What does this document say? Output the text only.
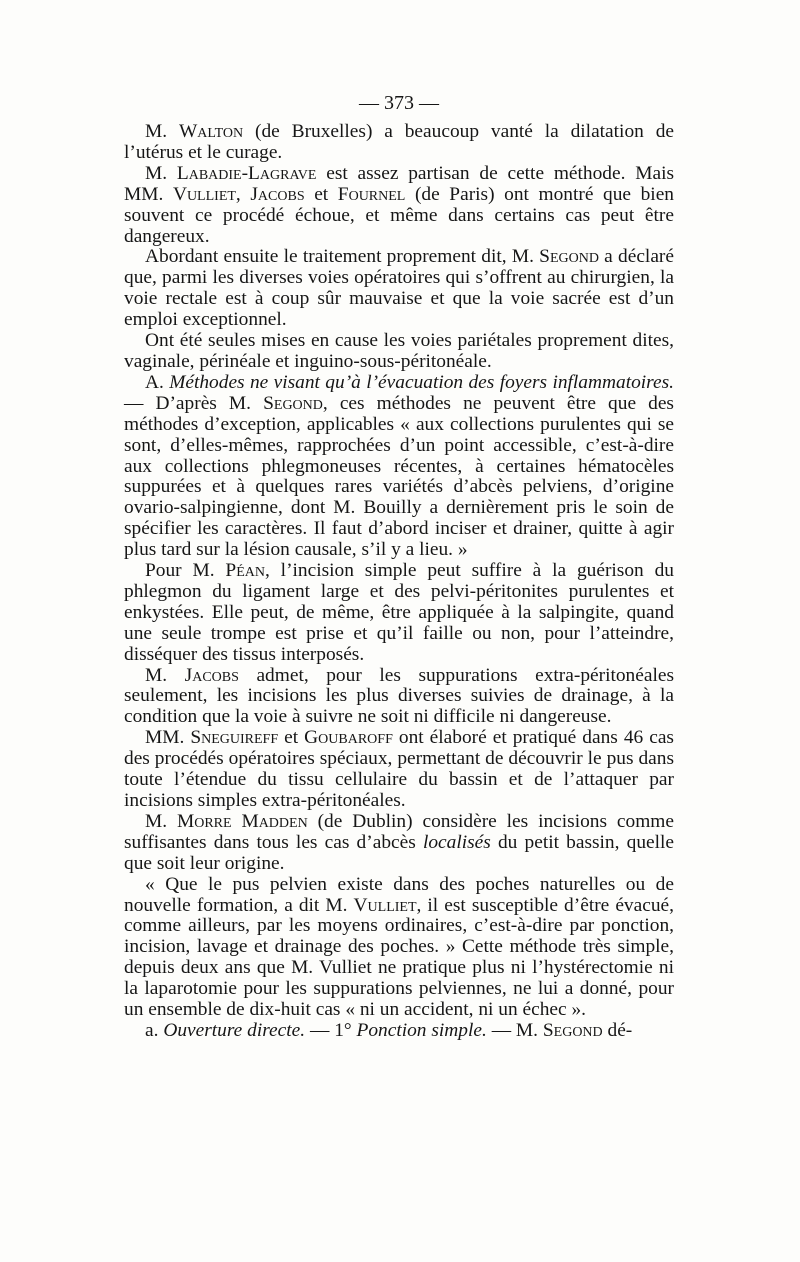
— 373 —

M. Walton (de Bruxelles) a beaucoup vanté la dilatation de l’utérus et le curage.

M. Labadie-Lagrave est assez partisan de cette méthode. Mais MM. Vulliet, Jacobs et Fournel (de Paris) ont montré que bien souvent ce procédé échoue, et même dans certains cas peut être dangereux.

Abordant ensuite le traitement proprement dit, M. Segond a déclaré que, parmi les diverses voies opératoires qui s’offrent au chirurgien, la voie rectale est à coup sûr mauvaise et que la voie sacrée est d’un emploi exceptionnel.

Ont été seules mises en cause les voies pariétales proprement dites, vaginale, périnéale et inguino-sous-péritonéale.

A. Méthodes ne visant qu’à l’évacuation des foyers inflammatoires. — D’après M. Segond, ces méthodes ne peuvent être que des méthodes d’exception, applicables « aux collections purulentes qui se sont, d’elles-mêmes, rapprochées d’un point accessible, c’est-à-dire aux collections phlegmoneuses récentes, à certaines hématocèles suppurées et à quelques rares variétés d’abcès pelviens, d’origine ovario-salpingienne, dont M. Bouilly a dernièrement pris le soin de spécifier les caractères. Il faut d’abord inciser et drainer, quitte à agir plus tard sur la lésion causale, s’il y a lieu. »

Pour M. Péan, l’incision simple peut suffire à la guérison du phlegmon du ligament large et des pelvi-péritonites purulentes et enkystées. Elle peut, de même, être appliquée à la salpingite, quand une seule trompe est prise et qu’il faille ou non, pour l’atteindre, disséquer des tissus interposés.

M. Jacobs admet, pour les suppurations extra-péritonéales seulement, les incisions les plus diverses suivies de drainage, à la condition que la voie à suivre ne soit ni difficile ni dangereuse.

MM. Sneguireff et Goubaroff ont élaboré et pratiqué dans 46 cas des procédés opératoires spéciaux, permettant de découvrir le pus dans toute l’étendue du tissu cellulaire du bassin et de l’attaquer par incisions simples extra-péritonéales.

M. Morre Madden (de Dublin) considère les incisions comme suffisantes dans tous les cas d’abcès localisés du petit bassin, quelle que soit leur origine.

« Que le pus pelvien existe dans des poches naturelles ou de nouvelle formation, a dit M. Vulliet, il est susceptible d’être évacué, comme ailleurs, par les moyens ordinaires, c’est-à-dire par ponction, incision, lavage et drainage des poches. » Cette méthode très simple, depuis deux ans que M. Vulliet ne pratique plus ni l’hystérectomie ni la laparotomie pour les suppurations pelviennes, ne lui a donné, pour un ensemble de dix-huit cas « ni un accident, ni un échec ».

a. Ouverture directe. — 1° Ponction simple. — M. Segond dé-
